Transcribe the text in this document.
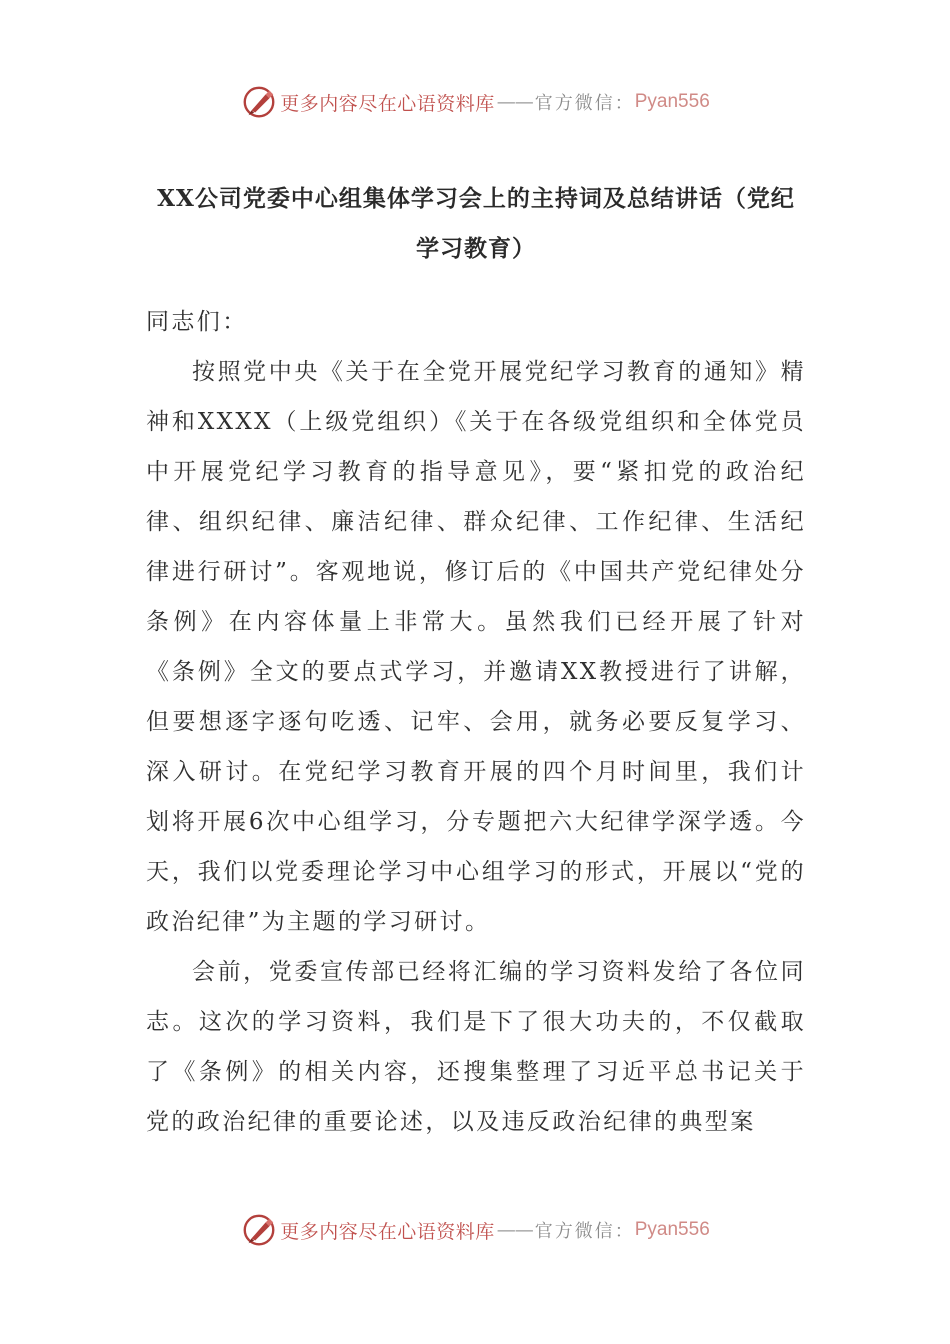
更多内容尽在心语资料库 —— 官方微信： Pyan556
XX公司党委中心组集体学习会上的主持词及总结讲话（党纪学习教育）

同志们：

按照党中央《关于在全党开展党纪学习教育的通知》精神和XXXX（上级党组织）《关于在各级党组织和全体党员中开展党纪学习教育的指导意见》，要“紧扣党的政治纪律、组织纪律、廉洁纪律、群众纪律、工作纪律、生活纪律进行研讨”。客观地说，修订后的《中国共产党纪律处分条例》在内容体量上非常大。虽然我们已经开展了针对《条例》全文的要点式学习，并邀请XX教授进行了讲解，但要想逐字逐句吃透、记牢、会用，就务必要反复学习、深入研讨。在党纪学习教育开展的四个月时间里，我们计划将开展6次中心组学习，分专题把六大纪律学深学透。今天，我们以党委理论学习中心组学习的形式，开展以“党的政治纪律”为主题的学习研讨。

会前，党委宣传部已经将汇编的学习资料发给了各位同志。这次的学习资料，我们是下了很大功夫的，不仅截取了《条例》的相关内容，还搜集整理了习近平总书记关于党的政治纪律的重要论述，以及违反政治纪律的典型案

更多内容尽在心语资料库 —— 官方微信： Pyan556
